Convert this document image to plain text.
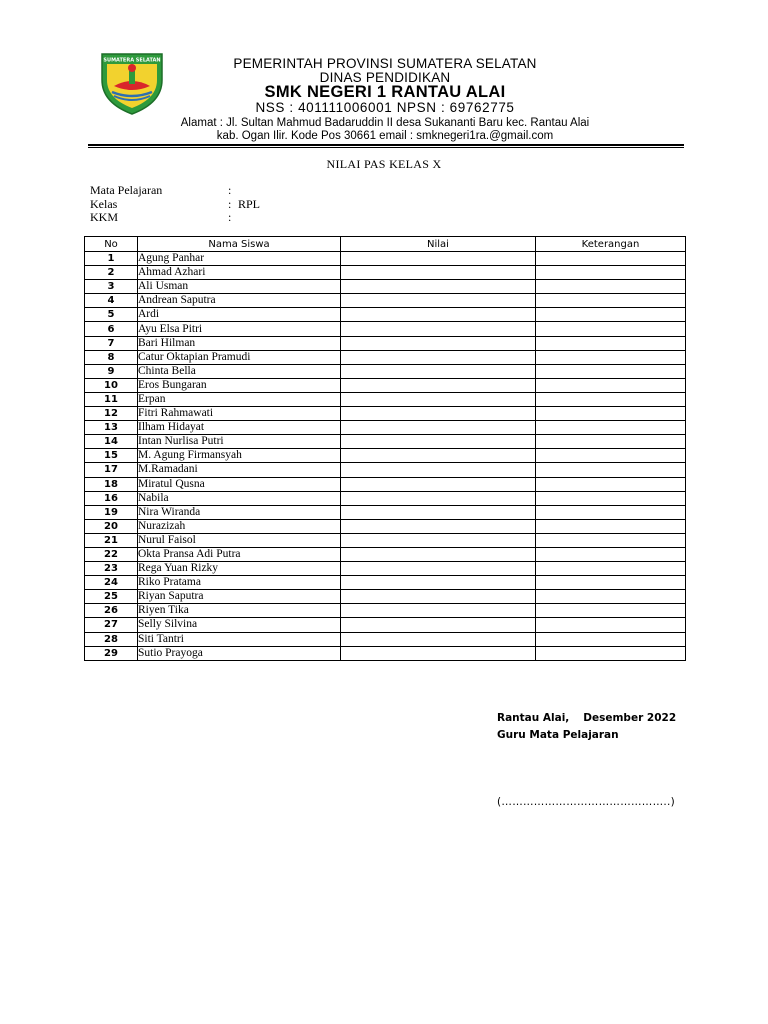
SUMATERA SELATAN	PEMERINTAH PROVINSI SUMATERA SELATAN
DINAS PENDIDIKAN
SMK NEGERI 1 RANTAU ALAI
NSS : 401111006001 NPSN : 69762775
Alamat : Jl. Sultan Mahmud Badaruddin II desa Sukananti Baru kec. Rantau Alai
kab. Ogan Ilir. Kode Pos 30661 email : smknegeri1ra.@gmail.com
NILAI PAS KELAS X
Mata Pelajaran	:
Kelas	: RPL
KKM	:
No	Nama Siswa	Nilai	Keterangan
1	Agung Panhar		
2	Ahmad Azhari		
3	Ali Usman		
4	Andrean Saputra		
5	Ardi		
6	Ayu Elsa Pitri		
7	Bari Hilman		
8	Catur Oktapian Pramudi		
9	Chinta Bella		
10	Eros Bungaran		
11	Erpan		
12	Fitri Rahmawati		
13	Ilham Hidayat		
14	Intan Nurlisa Putri		
15	M. Agung Firmansyah		
17	M.Ramadani		
18	Miratul Qusna		
16	Nabila		
19	Nira Wiranda		
20	Nurazizah		
21	Nurul Faisol		
22	Okta Pransa Adi Putra		
23	Rega Yuan Rizky		
24	Riko Pratama		
25	Riyan Saputra		
26	Riyen Tika		
27	Selly Silvina		
28	Siti Tantri		
29	Sutio Prayoga		
Rantau Alai, Desember 2022
Guru Mata Pelajaran
(………………………………………..)
